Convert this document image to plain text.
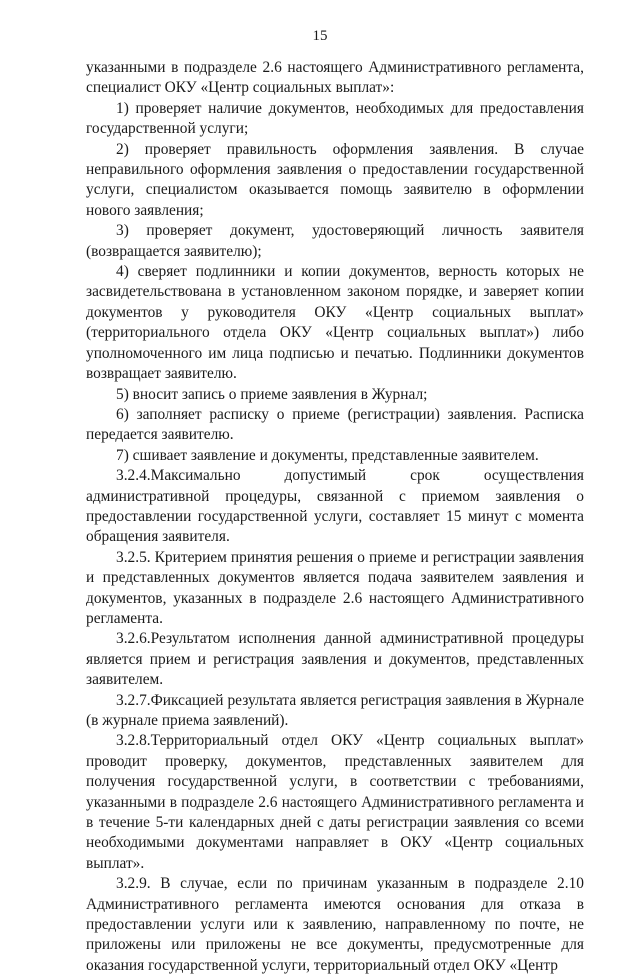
15

указанными в подразделе 2.6 настоящего Административного регламента, специалист ОКУ «Центр социальных выплат»:

1) проверяет наличие документов, необходимых для предоставления государственной услуги;

2) проверяет правильность оформления заявления. В случае неправильного оформления заявления о предоставлении государственной услуги, специалистом оказывается помощь заявителю в оформлении нового заявления;

3) проверяет документ, удостоверяющий личность заявителя (возвращается заявителю);

4) сверяет подлинники и копии документов, верность которых не засвидетельствована в установленном законом порядке, и заверяет копии документов у руководителя ОКУ «Центр социальных выплат» (территориального отдела ОКУ «Центр социальных выплат») либо уполномоченного им лица подписью и печатью. Подлинники документов возвращает заявителю.

5) вносит запись о приеме заявления в Журнал;

6) заполняет расписку о приеме (регистрации) заявления. Расписка передается заявителю.

7) сшивает заявление и документы, представленные заявителем.

3.2.4.Максимально допустимый срок осуществления административной процедуры, связанной с приемом заявления о предоставлении государственной услуги, составляет 15 минут с момента обращения заявителя.

3.2.5. Критерием принятия решения о приеме и регистрации заявления и представленных документов является подача заявителем заявления и документов, указанных в подразделе 2.6 настоящего Административного регламента.

3.2.6.Результатом исполнения данной административной процедуры является прием и регистрация заявления и документов, представленных заявителем.

3.2.7.Фиксацией результата является регистрация заявления в Журнале (в журнале приема заявлений).

3.2.8.Территориальный отдел ОКУ «Центр социальных выплат» проводит проверку, документов, представленных заявителем для получения государственной услуги, в соответствии с требованиями, указанными в подразделе 2.6 настоящего Административного регламента и в течение 5-ти календарных дней с даты регистрации заявления со всеми необходимыми документами направляет в ОКУ «Центр социальных выплат».

3.2.9. В случае, если по причинам указанным в подразделе 2.10 Административного регламента имеются основания для отказа в предоставлении услуги или к заявлению, направленному по почте, не приложены или приложены не все документы, предусмотренные для оказания государственной услуги, территориальный отдел ОКУ «Центр
